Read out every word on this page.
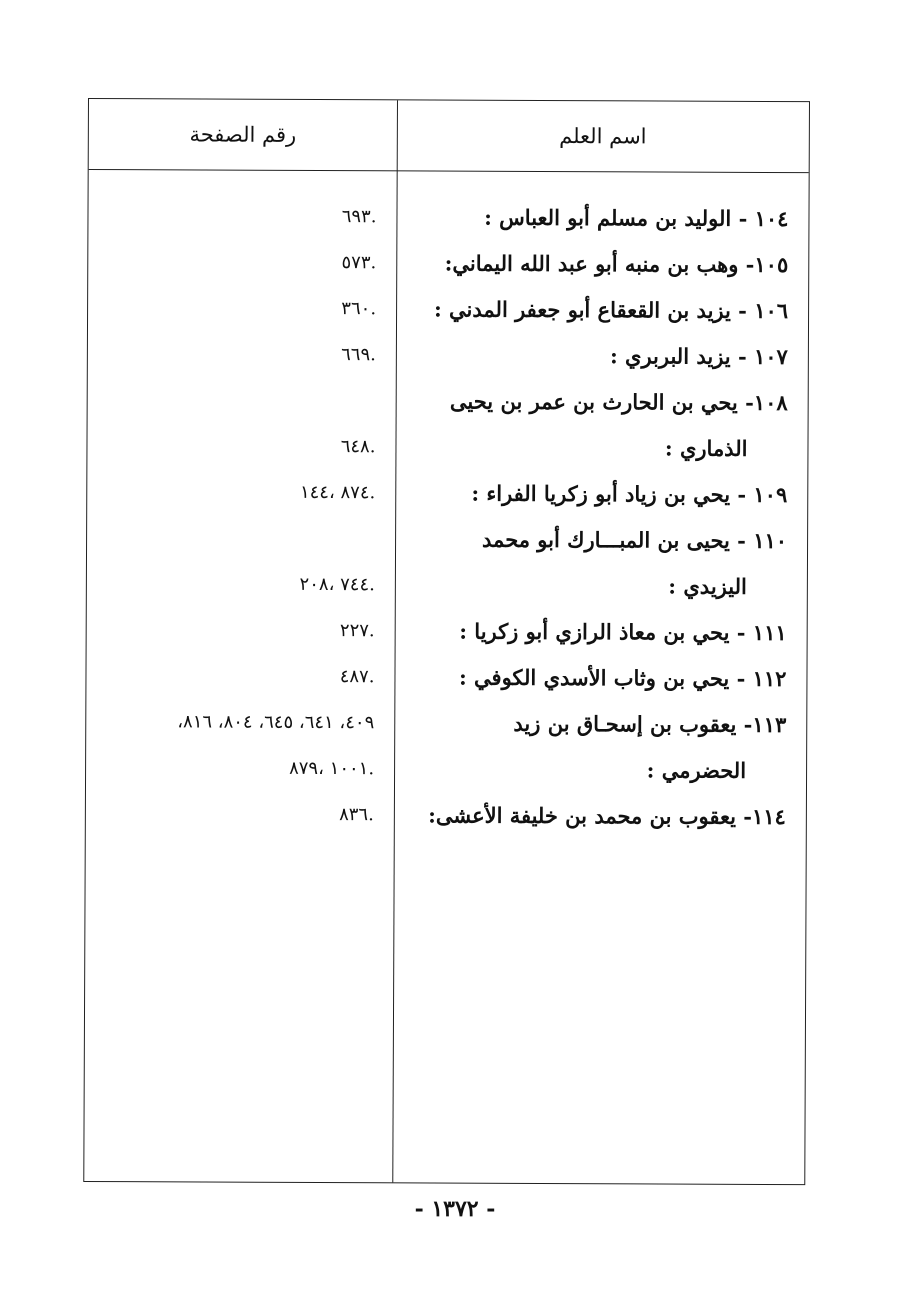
اسم العلم
رقم الصفحة
١٠٤ - الوليد بن مسلم أبو العباس :
.٦٩٣
١٠٥- وهب بن منبه أبو عبد الله اليماني:
.٥٧٣
١٠٦ - يزيد بن القعقاع أبو جعفر المدني :
.٣٦٠
١٠٧ - يزيد البربري :
.٦٦٩
١٠٨- يحي بن الحارث بن عمر بن يحيى
الذماري :
.٦٤٨
١٠٩ - يحي بن زياد أبو زكريا الفراء :
.٨٧٤ ،١٤٤
١١٠ - يحيى بن المبـــارك أبو محمد
اليزيدي :
.٧٤٤ ،٢٠٨
١١١ - يحي بن معاذ الرازي أبو زكريا :
.٢٢٧
١١٢ - يحي بن وثاب الأسدي الكوفي :
.٤٨٧
١١٣- يعقوب بن إسحـاق بن زيد
٤٠٩، ٦٤١، ٦٤٥، ٨٠٤، ٨١٦،
الحضرمي :
.١٠٠١ ،٨٧٩
١١٤- يعقوب بن محمد بن خليفة الأعشى:
.٨٣٦
- ١٣٧٢ -
